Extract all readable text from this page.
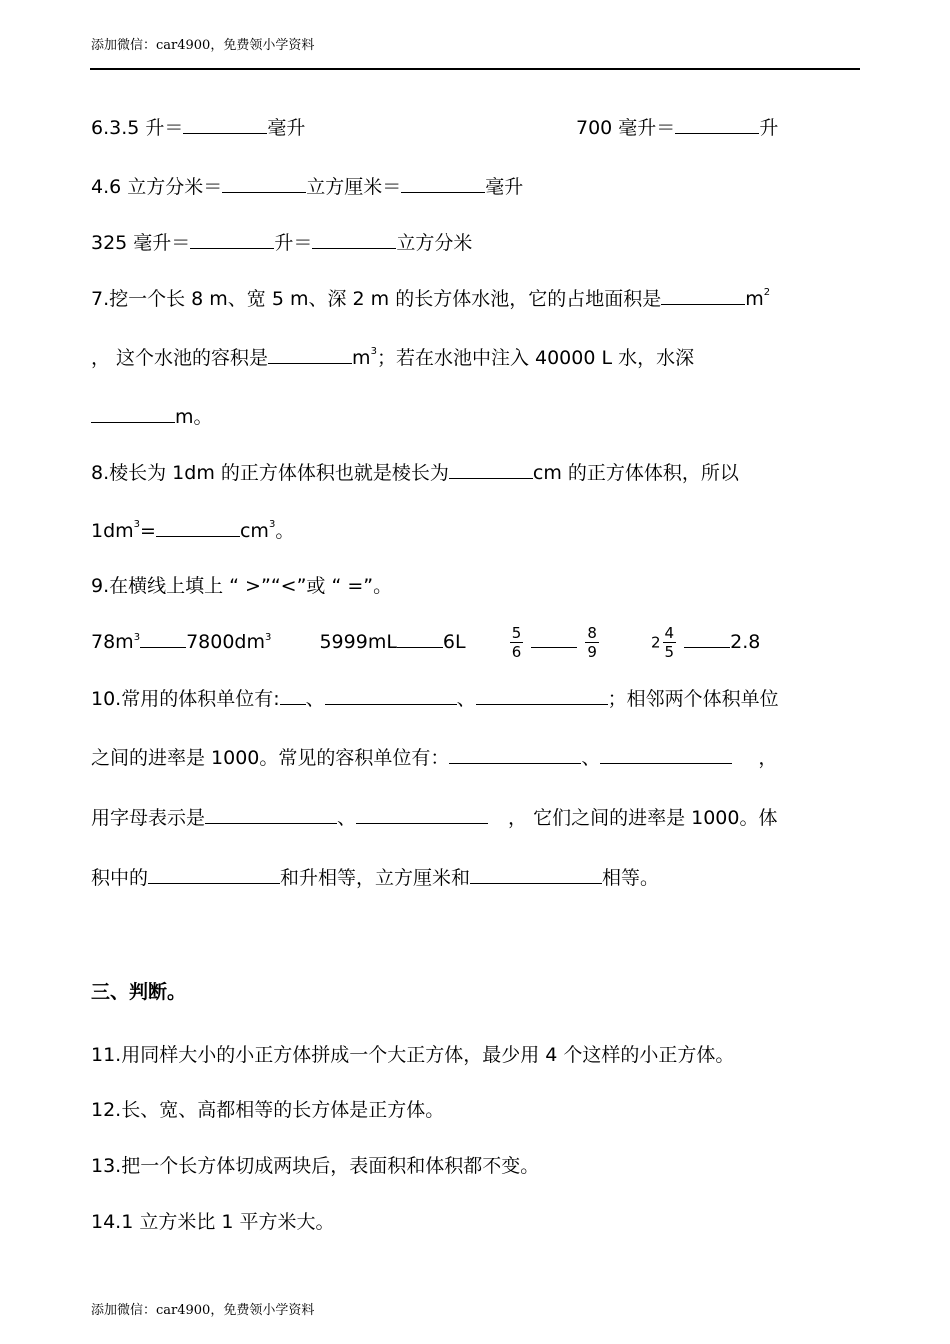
添加微信：car4900，免费领小学资料
6.3.5 升＝	毫升	700 毫升＝	升
4.6 立方分米＝	立方厘米＝	毫升
325 毫升＝	升＝	立方分米
7.挖一个长 8 m、宽 5 m、深 2 m 的长方体水池，它的占地面积是	$m^2$
， 这个水池的容积是	$m^3$；若在水池中注入 40000 L 水，水深
m。
8.棱长为 1dm 的正方体体积也就是棱长为	cm 的正方体体积，所以
$1dm^3=$	$cm^3$。
9.在横线上填上 “ >”“<”或 “ =”。
$78m^3$ $7800dm^3$	5999mL 6L	$\frac{5}{6}$
	$\frac{8}{9}$	$2 \frac{4}{5}$	2.8
10.常用的体积单位有: 、	、	；相邻两个体积单位
之间的进率是 1000。常见的容积单位有：	、	，
用字母表示是	、	， 它们之间的进率是 1000。体
积中的	和升相等，立方厘米和	相等。
三、判断。
11.用同样大小的小正方体拼成一个大正方体，最少用 4 个这样的小正方体。
12.长、宽、高都相等的长方体是正方体。
13.把一个长方体切成两块后，表面积和体积都不变。
14.1 立方米比 1 平方米大。
添加微信：car4900，免费领小学资料
